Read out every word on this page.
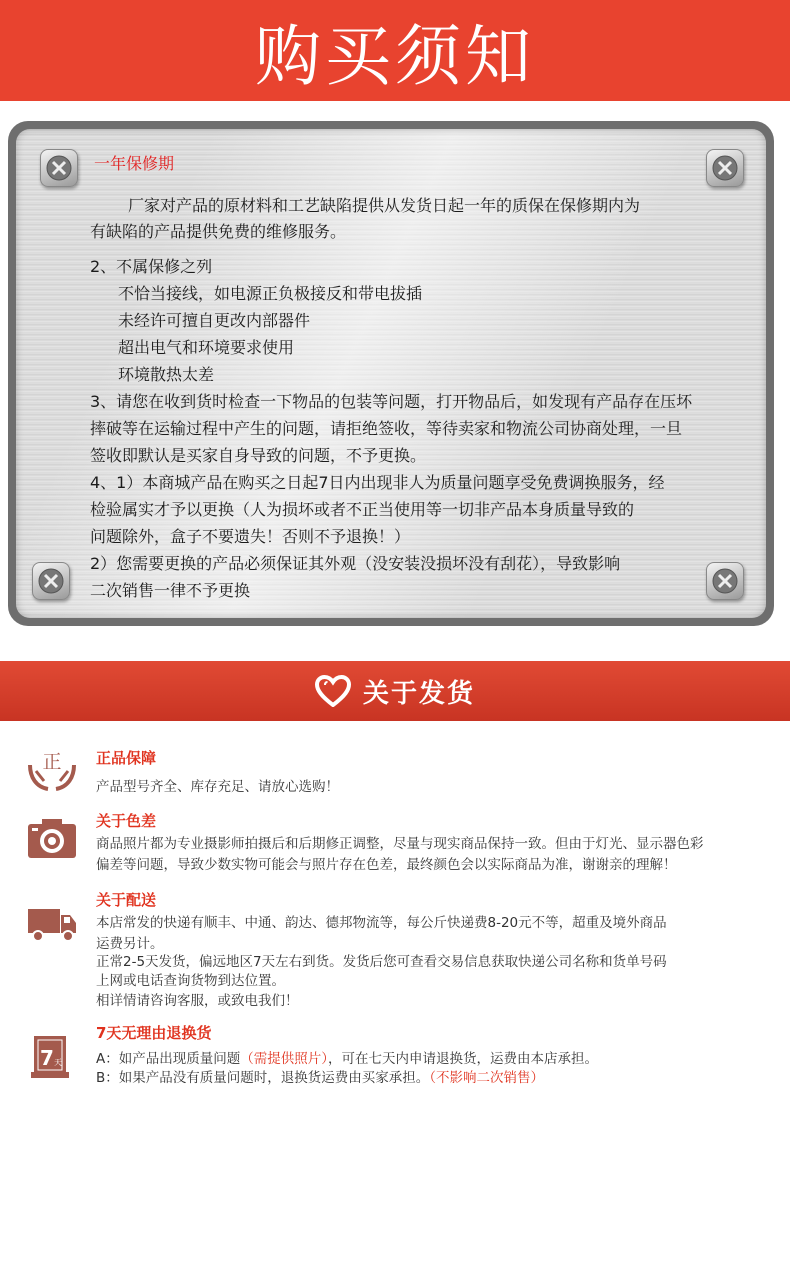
购买须知
一年保修期
厂家对产品的原材料和工艺缺陷提供从发货日起一年的质保在保修期内为
有缺陷的产品提供免费的维修服务。
2、不属保修之列
不恰当接线，如电源正负极接反和带电拔插
未经许可擅自更改内部器件
超出电气和环境要求使用
环境散热太差
3、请您在收到货时检查一下物品的包装等问题，打开物品后，如发现有产品存在压坏
摔破等在运输过程中产生的问题，请拒绝签收，等待卖家和物流公司协商处理，一旦
签收即默认是买家自身导致的问题，不予更换。
4、1）本商城产品在购买之日起7日内出现非人为质量问题享受免费调换服务，经
检验属实才予以更换（人为损坏或者不正当使用等一切非产品本身质量导致的
问题除外，盒子不要遗失！否则不予退换！）
2）您需要更换的产品必须保证其外观（没安装没损坏没有刮花），导致影响
二次销售一律不予更换
关于发货
正 正品保障
产品型号齐全、库存充足、请放心选购！
关于色差
商品照片都为专业摄影师拍摄后和后期修正调整，尽量与现实商品保持一致。但由于灯光、显示器色彩
偏差等问题，导致少数实物可能会与照片存在色差，最终颜色会以实际商品为准，谢谢亲的理解！
关于配送
本店常发的快递有顺丰、中通、韵达、德邦物流等，每公斤快递费8-20元不等，超重及境外商品
运费另计。
正常2-5天发货，偏远地区7天左右到货。发货后您可查看交易信息获取快递公司名称和货单号码
上网或电话查询货物到达位置。
相详情请咨询客服，或致电我们！
7 天
7天无理由退换货
A：如产品出现质量问题（需提供照片），可在七天内申请退换货，运费由本店承担。
B：如果产品没有质量问题时，退换货运费由买家承担。（不影响二次销售）
